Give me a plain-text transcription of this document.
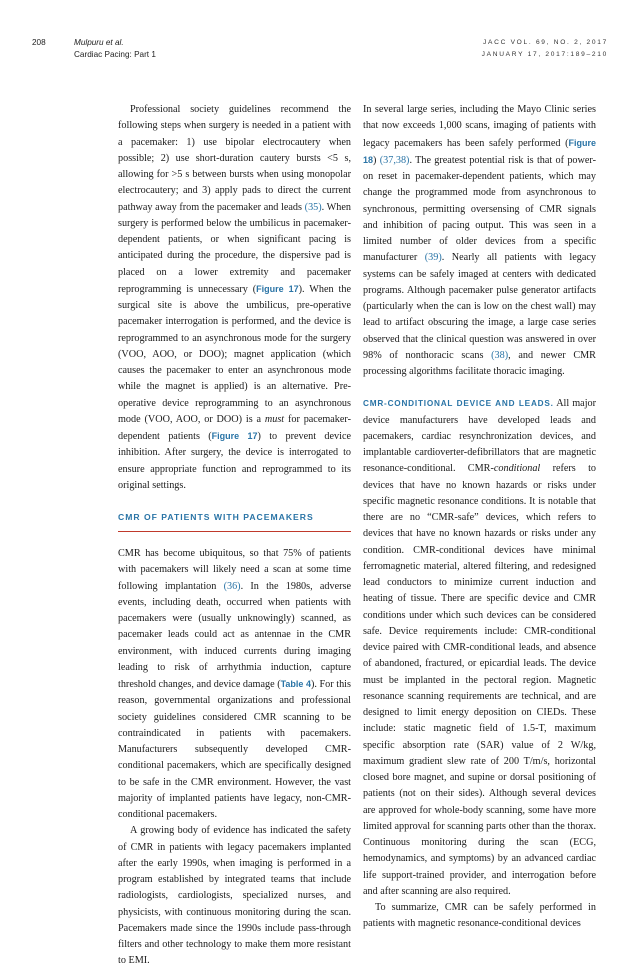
208	Mulpuru et al.
Cardiac Pacing: Part 1
JACC VOL. 69, NO. 2, 2017
JANUARY 17, 2017:189–210

Professional society guidelines recommend the following steps when surgery is needed in a patient with a pacemaker: 1) use bipolar electrocautery when possible; 2) use short-duration cautery bursts <5 s, allowing for >5 s between bursts when using monopolar electrocautery; and 3) apply pads to direct the current pathway away from the pacemaker and leads (35). When surgery is performed below the umbilicus in pacemaker-dependent patients, or when significant pacing is anticipated during the procedure, the dispersive pad is placed on a lower extremity and pacemaker reprogramming is unnecessary (Figure 17). When the surgical site is above the umbilicus, pre-operative pacemaker interrogation is performed, and the device is reprogrammed to an asynchronous mode for the surgery (VOO, AOO, or DOO); magnet application (which causes the pacemaker to enter an asynchronous mode while the magnet is applied) is an alternative. Pre-operative device reprogramming to an asynchronous mode (VOO, AOO, or DOO) is a must for pacemaker-dependent patients (Figure 17) to prevent device inhibition. After surgery, the device is interrogated to ensure appropriate function and reprogrammed to its original settings.

CMR OF PATIENTS WITH PACEMAKERS

CMR has become ubiquitous, so that 75% of patients with pacemakers will likely need a scan at some time following implantation (36). In the 1980s, adverse events, including death, occurred when patients with pacemakers were (usually unknowingly) scanned, as pacemaker leads could act as antennae in the CMR environment, with induced currents during imaging leading to risk of arrhythmia induction, capture threshold changes, and device damage (Table 4). For this reason, governmental organizations and professional society guidelines considered CMR scanning to be contraindicated in patients with pacemakers. Manufacturers subsequently developed CMR-conditional pacemakers, which are specifically designed to be safe in the CMR environment. However, the vast majority of implanted patients have legacy, non-CMR-conditional pacemakers.

A growing body of evidence has indicated the safety of CMR in patients with legacy pacemakers implanted after the early 1990s, when imaging is performed in a program established by integrated teams that include radiologists, cardiologists, specialized nurses, and physicists, with continuous monitoring during the scan. Pacemakers made since the 1990s include pass-through filters and other technology to make them more resistant to EMI.

In several large series, including the Mayo Clinic series that now exceeds 1,000 scans, imaging of patients with legacy pacemakers has been safely performed (Figure 18) (37,38). The greatest potential risk is that of power-on reset in pacemaker-dependent patients, which may change the programmed mode from asynchronous to synchronous, permitting oversensing of CMR signals and inhibition of pacing output. This was seen in a limited number of older devices from a specific manufacturer (39). Nearly all patients with legacy systems can be safely imaged at centers with dedicated programs. Although pacemaker pulse generator artifacts (particularly when the can is low on the chest wall) may lead to artifact obscuring the image, a large case series observed that the clinical question was answered in over 98% of nonthoracic scans (38), and newer CMR processing algorithms facilitate thoracic imaging.

CMR-CONDITIONAL DEVICE AND LEADS. All major device manufacturers have developed leads and pacemakers, cardiac resynchronization devices, and implantable cardioverter-defibrillators that are magnetic resonance-conditional. CMR-conditional refers to devices that have no known hazards or risks under specific magnetic resonance conditions. It is notable that there are no “CMR-safe” devices, which refers to devices that have no known hazards or risks under any condition. CMR-conditional devices have minimal ferromagnetic material, altered filtering, and redesigned lead conductors to minimize current induction and heating of tissue. There are specific device and CMR conditions under which such devices can be considered safe. Device requirements include: CMR-conditional device paired with CMR-conditional leads, and absence of abandoned, fractured, or epicardial leads. The device must be implanted in the pectoral region. Magnetic resonance scanning requirements are technical, and are designed to limit energy deposition on CIEDs. These include: static magnetic field of 1.5-T, maximum specific absorption rate (SAR) value of 2 W/kg, maximum gradient slew rate of 200 T/m/s, horizontal closed bore magnet, and supine or dorsal positioning of patients (not on their sides). Although several devices are approved for whole-body scanning, some have more limited approval for scanning parts other than the thorax. Continuous monitoring during the scan (ECG, hemodynamics, and symptoms) by an advanced cardiac life support-trained provider, and interrogation before and after scanning are also required.

To summarize, CMR can be safely performed in patients with magnetic resonance-conditional devices
